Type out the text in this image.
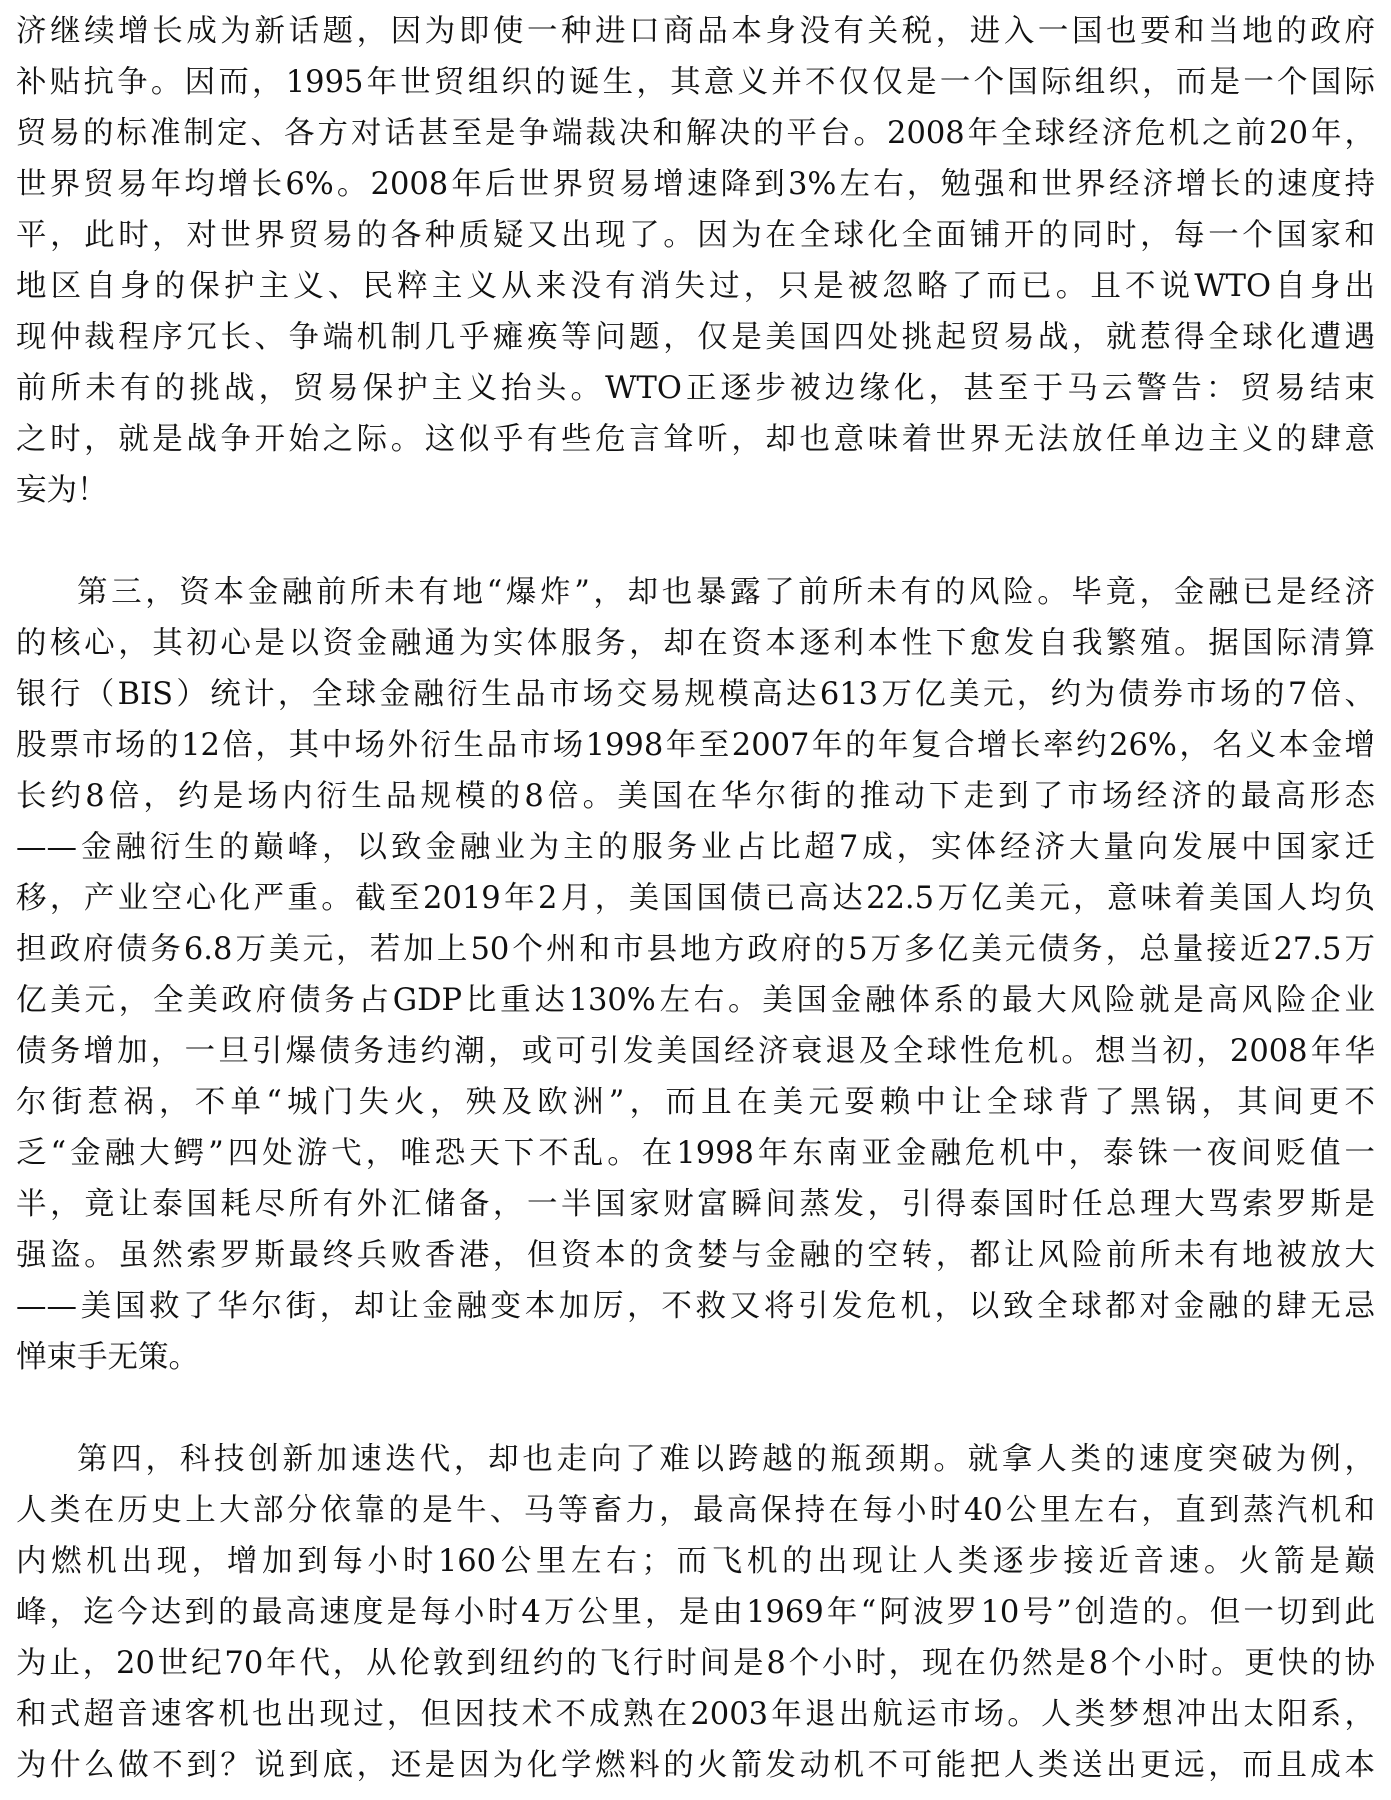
济继续增长成为新话题，因为即使一种进口商品本身没有关税，进入一国也要和当地的政府
补贴抗争。因而，1995年世贸组织的诞生，其意义并不仅仅是一个国际组织，而是一个国际
贸易的标准制定、各方对话甚至是争端裁决和解决的平台。2008年全球经济危机之前20年，
世界贸易年均增长6%。2008年后世界贸易增速降到3%左右，勉强和世界经济增长的速度持
平，此时，对世界贸易的各种质疑又出现了。因为在全球化全面铺开的同时，每一个国家和
地区自身的保护主义、民粹主义从来没有消失过，只是被忽略了而已。且不说WTO自身出
现仲裁程序冗长、争端机制几乎瘫痪等问题，仅是美国四处挑起贸易战，就惹得全球化遭遇
前所未有的挑战，贸易保护主义抬头。WTO正逐步被边缘化，甚至于马云警告：贸易结束
之时，就是战争开始之际。这似乎有些危言耸听，却也意味着世界无法放任单边主义的肆意
妄为！
第三，资本金融前所未有地“爆炸”，却也暴露了前所未有的风险。毕竟，金融已是经济
的核心，其初心是以资金融通为实体服务，却在资本逐利本性下愈发自我繁殖。据国际清算
银行（BIS）统计，全球金融衍生品市场交易规模高达613万亿美元，约为债券市场的7倍、
股票市场的12倍，其中场外衍生品市场1998年至2007年的年复合增长率约26%，名义本金增
长约8倍，约是场内衍生品规模的8倍。美国在华尔街的推动下走到了市场经济的最高形态
——金融衍生的巅峰，以致金融业为主的服务业占比超7成，实体经济大量向发展中国家迁
移，产业空心化严重。截至2019年2月，美国国债已高达22.5万亿美元，意味着美国人均负
担政府债务6.8万美元，若加上50个州和市县地方政府的5万多亿美元债务，总量接近27.5万
亿美元，全美政府债务占GDP比重达130%左右。美国金融体系的最大风险就是高风险企业
债务增加，一旦引爆债务违约潮，或可引发美国经济衰退及全球性危机。想当初，2008年华
尔街惹祸，不单“城门失火，殃及欧洲”，而且在美元耍赖中让全球背了黑锅，其间更不
乏“金融大鳄”四处游弋，唯恐天下不乱。在1998年东南亚金融危机中，泰铢一夜间贬值一
半，竟让泰国耗尽所有外汇储备，一半国家财富瞬间蒸发，引得泰国时任总理大骂索罗斯是
强盗。虽然索罗斯最终兵败香港，但资本的贪婪与金融的空转，都让风险前所未有地被放大
——美国救了华尔街，却让金融变本加厉，不救又将引发危机，以致全球都对金融的肆无忌
惮束手无策。
第四，科技创新加速迭代，却也走向了难以跨越的瓶颈期。就拿人类的速度突破为例，
人类在历史上大部分依靠的是牛、马等畜力，最高保持在每小时40公里左右，直到蒸汽机和
内燃机出现，增加到每小时160公里左右；而飞机的出现让人类逐步接近音速。火箭是巅
峰，迄今达到的最高速度是每小时4万公里，是由1969年“阿波罗10号”创造的。但一切到此
为止，20世纪70年代，从伦敦到纽约的飞行时间是8个小时，现在仍然是8个小时。更快的协
和式超音速客机也出现过，但因技术不成熟在2003年退出航运市场。人类梦想冲出太阳系，
为什么做不到？说到底，还是因为化学燃料的火箭发动机不可能把人类送出更远，而且成本
